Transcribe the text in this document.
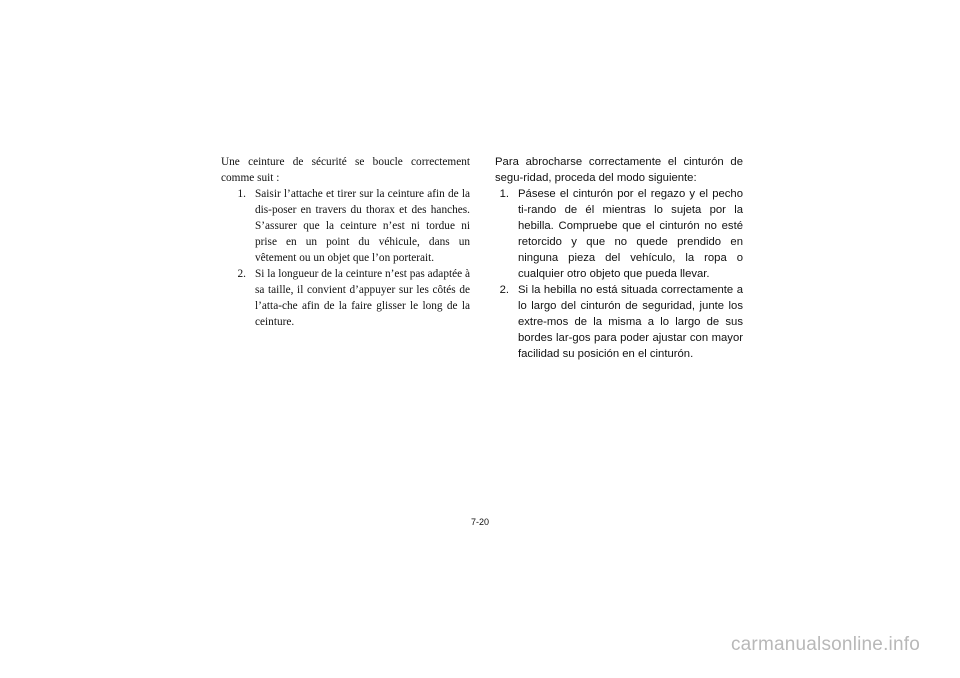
Une ceinture de sécurité se boucle correctement comme suit :

1. Saisir l’attache et tirer sur la ceinture afin de la dis-poser en travers du thorax et des hanches. S’assurer que la ceinture n’est ni tordue ni prise en un point du véhicule, dans un vêtement ou un objet que l’on porterait.
2. Si la longueur de la ceinture n’est pas adaptée à sa taille, il convient d’appuyer sur les côtés de l’atta-che afin de la faire glisser le long de la ceinture.

Para abrocharse correctamente el cinturón de segu-ridad, proceda del modo siguiente:

1. Pásese el cinturón por el regazo y el pecho ti-rando de él mientras lo sujeta por la hebilla. Compruebe que el cinturón no esté retorcido y que no quede prendido en ninguna pieza del vehículo, la ropa o cualquier otro objeto que pueda llevar.
2. Si la hebilla no está situada correctamente a lo largo del cinturón de seguridad, junte los extre-mos de la misma a lo largo de sus bordes lar-gos para poder ajustar con mayor facilidad su posición en el cinturón.
7-20
carmanualsonline.info
